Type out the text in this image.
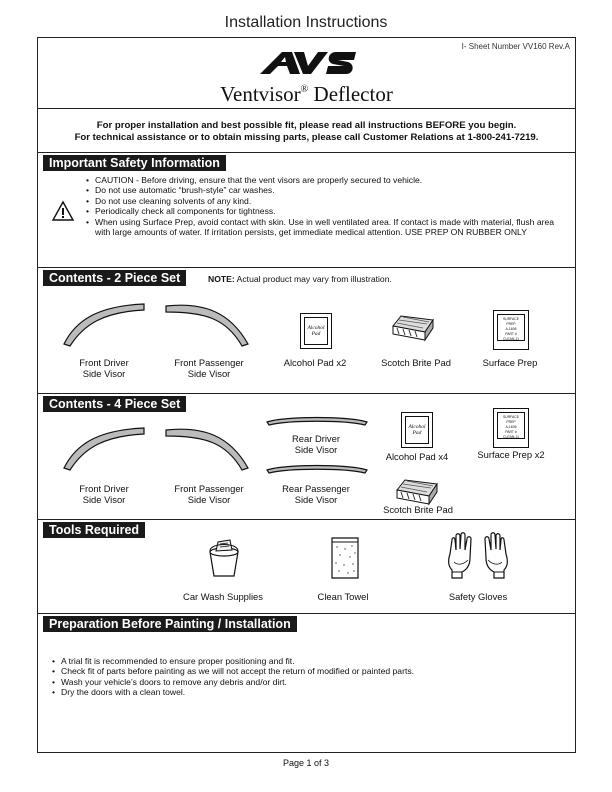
Installation Instructions
I- Sheet Number VV160 Rev.A
Ventvisor® Deflector
For proper installation and best possible fit, please read all instructions BEFORE you begin.
For technical assistance or to obtain missing parts, please call Customer Relations at 1-800-241-7219.
Important Safety Information
• CAUTION - Before driving, ensure that the vent visors are properly secured to vehicle.
• Do not use automatic “brush-style” car washes.
• Do not use cleaning solvents of any kind.
• Periodically check all components for tightness.
• When using Surface Prep, avoid contact with skin. Use in well ventilated area. If contact is made with material, flush area with large amounts of water. If irritation persists, get immediate medical attention. USE PREP ON RUBBER ONLY
Contents - 2 Piece Set	NOTE: Actual product may vary from illustration.
Alcohol
Pad
SURFACE PREP
A-1606
PART #
CLEAN-11
Front Driver
Side Visor
Front Passenger
Side Visor
Alcohol Pad x2	Scotch Brite Pad	Surface Prep
Contents - 4 Piece Set
Alcohol
Pad
SURFACE PREP
A-1606
PART #
CLEAN-11
Rear Driver
Side Visor
Alcohol Pad x4	Surface Prep x2
Front Driver
Side Visor
Front Passenger
Side Visor
Rear Passenger
Side Visor
Scotch Brite Pad
Tools Required
Car Wash Supplies	Clean Towel	Safety Gloves
Preparation Before Painting / Installation
• A trial fit is recommended to ensure proper positioning and fit.
• Check fit of parts before painting as we will not accept the return of modified or painted parts.
• Wash your vehicle’s doors to remove any debris and/or dirt.
• Dry the doors with a clean towel.
Page 1 of 3
